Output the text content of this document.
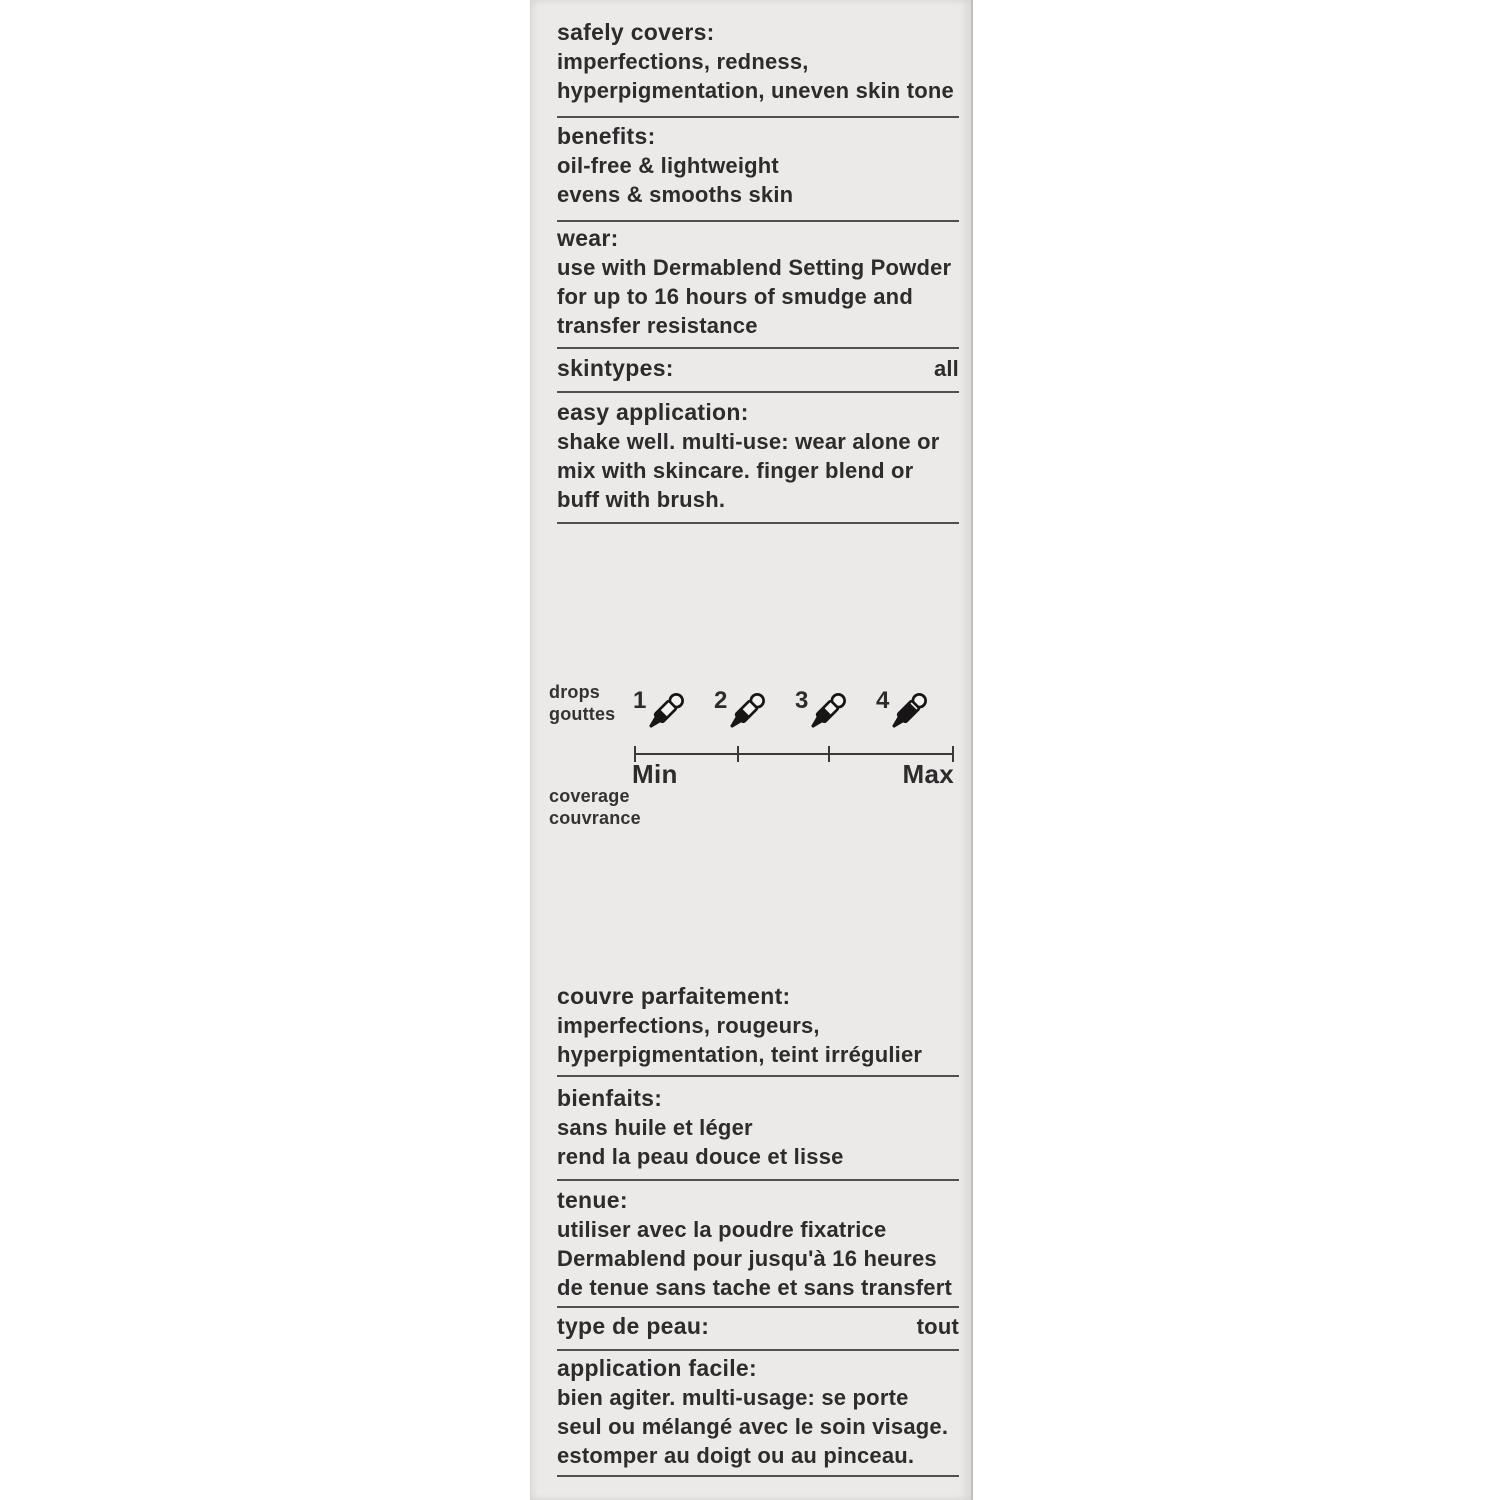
safely covers:
imperfections, redness,
hyperpigmentation, uneven skin tone
benefits:
oil-free & lightweight
evens & smooths skin
wear:
use with Dermablend Setting Powder
for up to 16 hours of smudge and
transfer resistance
skintypes:	all
easy application:
shake well. multi-use: wear alone or
mix with skincare. finger blend or
buff with brush.
drops
gouttes 1	2	3	4
Min	Max
coverage
couvrance
couvre parfaitement:
imperfections, rougeurs,
hyperpigmentation, teint irrégulier
bienfaits:
sans huile et léger
rend la peau douce et lisse
tenue:
utiliser avec la poudre fixatrice
Dermablend pour jusqu'à 16 heures
de tenue sans tache et sans transfert
type de peau:	tout
application facile:
bien agiter. multi-usage: se porte
seul ou mélangé avec le soin visage.
estomper au doigt ou au pinceau.
